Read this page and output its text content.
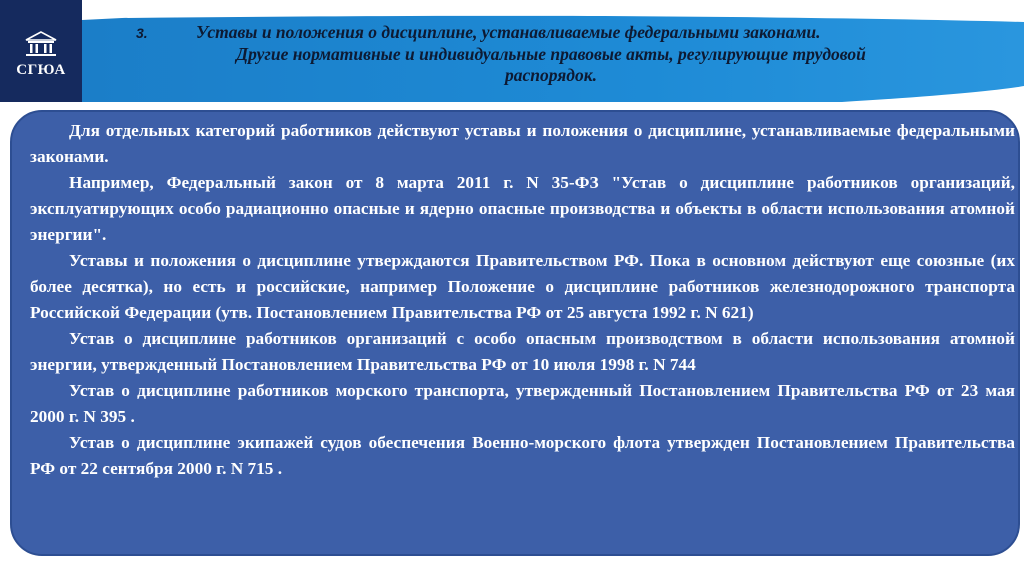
СГЮА
3.	Уставы и положения о дисциплине, устанавливаемые федеральными законами.
Другие нормативные и индивидуальные правовые акты, регулирующие трудовой
распорядок.

Для отдельных категорий работников действуют уставы и положения о дисциплине, устанавливаемые федеральными законами.

Например, Федеральный закон от 8 марта 2011 г. N 35-ФЗ "Устав о дисциплине работников организаций, эксплуатирующих особо радиационно опасные и ядерно опасные производства и объекты в области использования атомной энергии".

Уставы и положения о дисциплине утверждаются Правительством РФ. Пока в основном действуют еще союзные (их более десятка), но есть и российские, например Положение о дисциплине работников железнодорожного транспорта Российской Федерации (утв. Постановлением Правительства РФ от 25 августа 1992 г. N 621)

Устав о дисциплине работников организаций с особо опасным производством в области использования атомной энергии, утвержденный Постановлением Правительства РФ от 10 июля 1998 г. N 744

Устав о дисциплине работников морского транспорта, утвержденный Постановлением Правительства РФ от 23 мая 2000 г. N 395 .

Устав о дисциплине экипажей судов обеспечения Военно-морского флота утвержден Постановлением Правительства РФ от 22 сентября 2000 г. N 715 .
